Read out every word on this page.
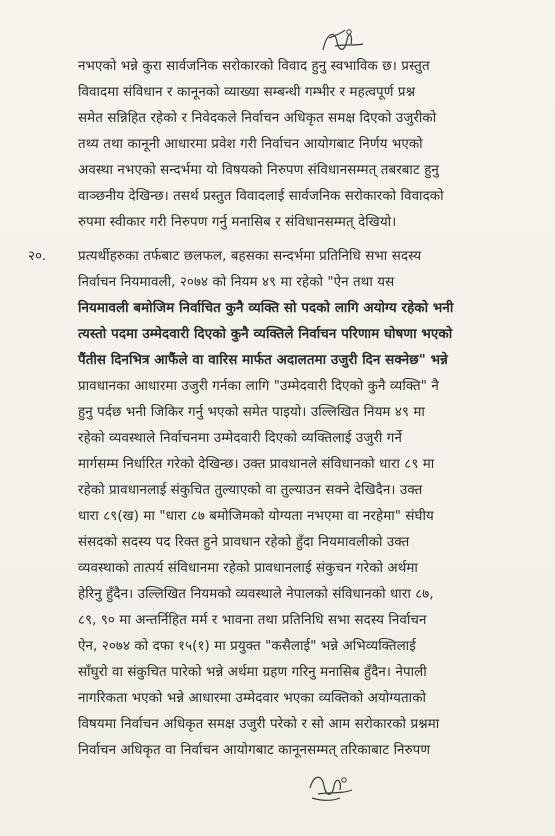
नभएको भन्ने कुरा सार्वजनिक सरोकारको विवाद हुनु स्वभाविक छ। प्रस्तुत
विवादमा संविधान र कानूनको व्याख्या सम्बन्धी गम्भीर र महत्वपूर्ण प्रश्न
समेत सन्निहित रहेको र निवेदकले निर्वाचन अधिकृत समक्ष दिएको उजुरीको
तथ्य तथा कानूनी आधारमा प्रवेश गरी निर्वाचन आयोगबाट निर्णय भएको
अवस्था नभएको सन्दर्भमा यो विषयको निरुपण संविधानसम्मत् तबरबाट हुनु
वाञ्छनीय देखिन्छ। तसर्थ प्रस्तुत विवादलाई सार्वजनिक सरोकारको विवादको
रुपमा स्वीकार गरी निरुपण गर्नु मनासिब र संविधानसम्मत् देखियो।
२०. प्रत्यर्थीहरुका तर्फबाट छलफल, बहसका सन्दर्भमा प्रतिनिधि सभा सदस्य
निर्वाचन नियमावली, २०७४ को नियम ४९ मा रहेको "ऐन तथा यस
नियमावली बमोजिम निर्वाचित कुनै व्यक्ति सो पदको लागि अयोग्य रहेको भनी
त्यस्तो पदमा उम्मेदवारी दिएको कुनै व्यक्तिले निर्वाचन परिणाम घोषणा भएको
पैंतीस दिनभित्र आफैंले वा वारिस मार्फत अदालतमा उजुरी दिन सक्नेछ" भन्ने
प्रावधानका आधारमा उजुरी गर्नका लागि "उम्मेदवारी दिएको कुनै व्यक्ति" नै
हुनु पर्दछ भनी जिकिर गर्नु भएको समेत पाइयो। उल्लिखित नियम ४९ मा
रहेको व्यवस्थाले निर्वाचनमा उम्मेदवारी दिएको व्यक्तिलाई उजुरी गर्ने
मार्गसम्म निर्धारित गरेको देखिन्छ। उक्त प्रावधानले संविधानको धारा ८९ मा
रहेको प्रावधानलाई संकुचित तुल्याएको वा तुल्याउन सक्ने देखिदैन। उक्त
धारा ८९(ख) मा "धारा ८७ बमोजिमको योग्यता नभएमा वा नरहेमा" संघीय
संसदको सदस्य पद रिक्त हुने प्रावधान रहेको हुँदा नियमावलीको उक्त
व्यवस्थाको तात्पर्य संविधानमा रहेको प्रावधानलाई संकुचन गरेको अर्थमा
हेरिनु हुँदैन। उल्लिखित नियमको व्यवस्थाले नेपालको संविधानको धारा ८७,
८९, ९० मा अन्तर्निहित मर्म र भावना तथा प्रतिनिधि सभा सदस्य निर्वाचन
ऐन, २०७४ को दफा १५(१) मा प्रयुक्त "कसैलाई" भन्ने अभिव्यक्तिलाई
साँघुरो वा संकुचित पारेको भन्ने अर्थमा ग्रहण गरिनु मनासिब हुँदैन। नेपाली
नागरिकता भएको भन्ने आधारमा उम्मेदवार भएका व्यक्तिको अयोग्यताको
विषयमा निर्वाचन अधिकृत समक्ष उजुरी परेको र सो आम सरोकारको प्रश्नमा
निर्वाचन अधिकृत वा निर्वाचन आयोगबाट कानूनसम्मत् तरिकाबाट निरुपण
